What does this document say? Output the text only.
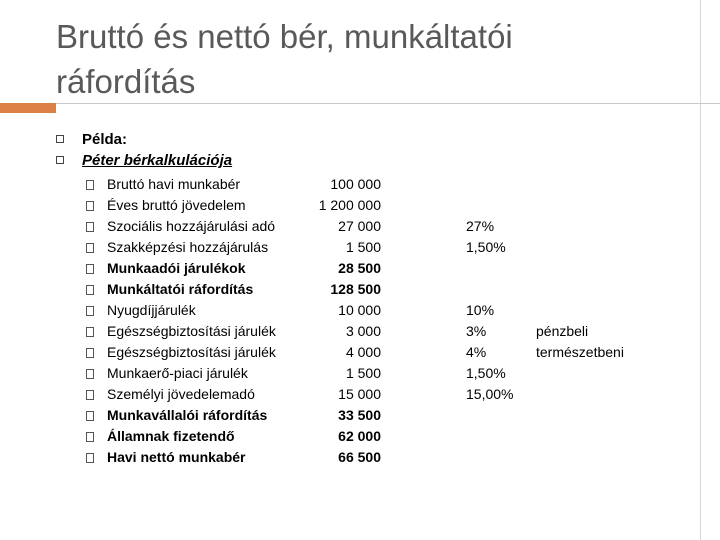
Bruttó és nettó bér, munkáltatói ráfordítás
Példa:
Péter bérkalkulációja
Bruttó havi munkabér	100 000
Éves bruttó jövedelem	1 200 000
Szociális hozzájárulási adó	27 000	27%
Szakképzési hozzájárulás	1 500	1,50%
Munkaadói járulékok	28 500
Munkáltatói ráfordítás	128 500
Nyugdíjjárulék	10 000	10%
Egészségbiztosítási járulék	3 000	3%	pénzbeli
Egészségbiztosítási járulék	4 000	4%	természetbeni
Munkaerő-piaci járulék	1 500	1,50%
Személyi jövedelemadó	15 000	15,00%
Munkavállalói ráfordítás	33 500
Államnak fizetendő	62 000
Havi nettó munkabér	66 500
